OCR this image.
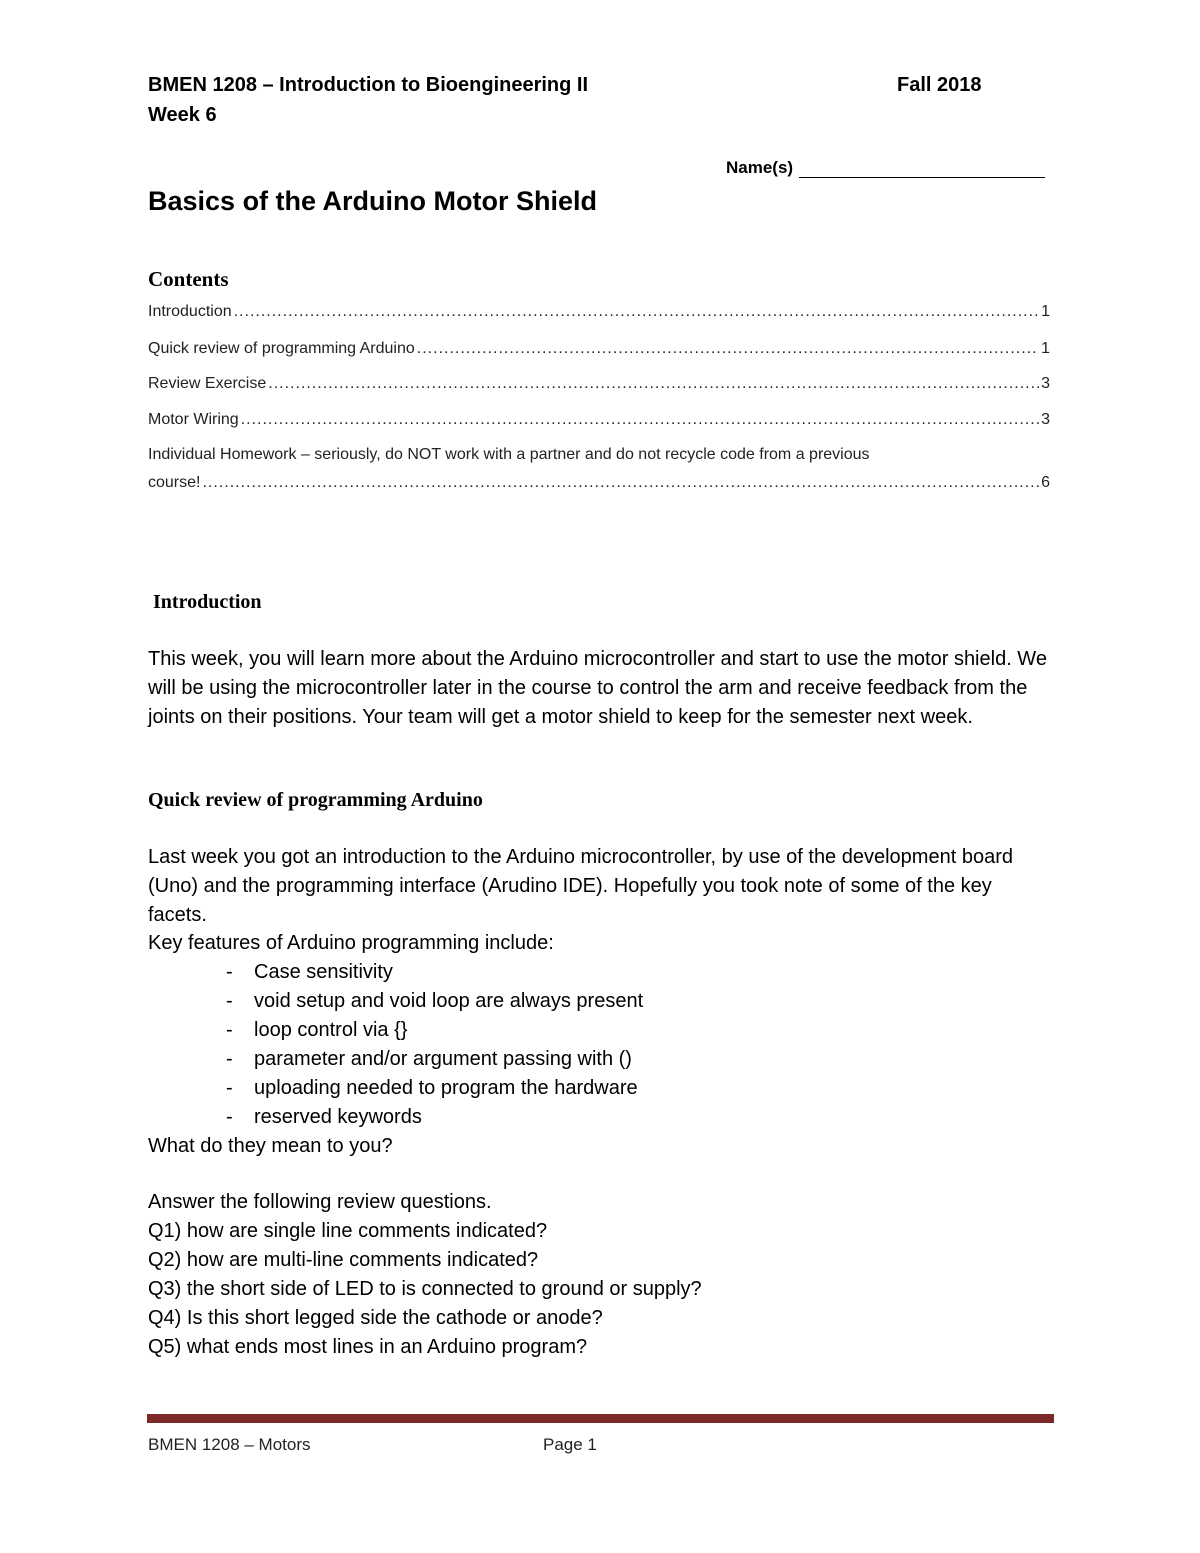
BMEN 1208 – Introduction to Bioengineering II	Fall 2018
Week 6
Name(s)
Basics of the Arduino Motor Shield
Contents
Introduction .....	1
Quick review of programming Arduino .....	1
Review Exercise .....	3
Motor Wiring .....	3
Individual Homework – seriously, do NOT work with a partner and do not recycle code from a previous
course! .....	6
Introduction
This week, you will learn more about the Arduino microcontroller and start to use the motor shield. We will be using the microcontroller later in the course to control the arm and receive feedback from the joints on their positions. Your team will get a motor shield to keep for the semester next week.
Quick review of programming Arduino
Last week you got an introduction to the Arduino microcontroller, by use of the development board (Uno) and the programming interface (Arudino IDE). Hopefully you took note of some of the key facets.
Key features of Arduino programming include:
-	Case sensitivity
-	void setup and void loop are always present
-	loop control via {}
-	parameter and/or argument passing with ()
-	uploading needed to program the hardware
-	reserved keywords
What do they mean to you?
Answer the following review questions.
Q1) how are single line comments indicated?
Q2) how are multi-line comments indicated?
Q3) the short side of LED to is connected to ground or supply?
Q4) Is this short legged side the cathode or anode?
Q5) what ends most lines in an Arduino program?
BMEN 1208 – Motors	Page 1
